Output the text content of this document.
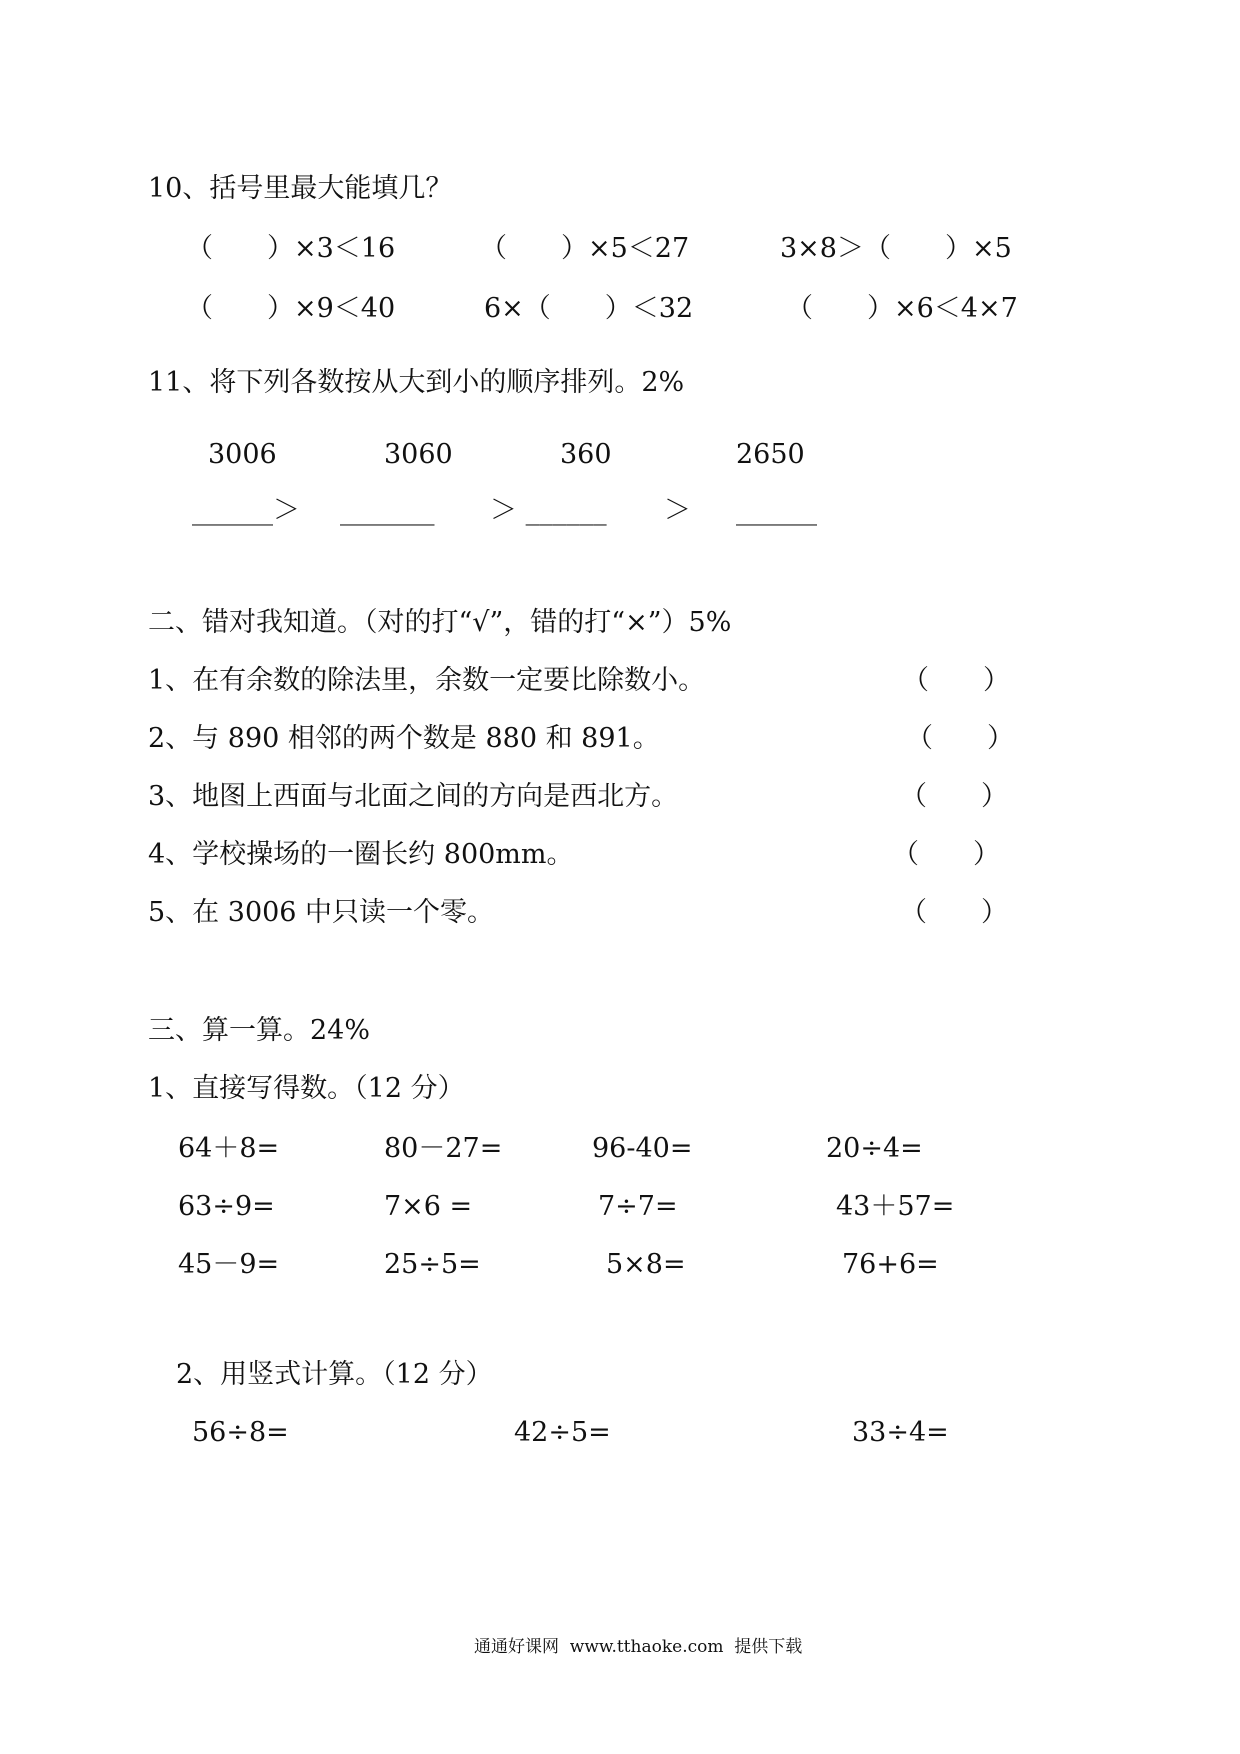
10、括号里最大能填几？
（　　）×3＜16	（　　）×5＜27	3×8＞（　　）×5
（　　）×9＜40	6×（　　）＜32	（　　）×6＜4×7
11、将下列各数按从大到小的顺序排列。2%
3006	3060	360	2650
______＞ _______ ＞ ______ ＞ ______
二、错对我知道。（对的打“√”，错的打“×”）5%
1、在有余数的除法里，余数一定要比除数小。	（　　）
2、与 890 相邻的两个数是 880 和 891。	（　　）
3、地图上西面与北面之间的方向是西北方。	（　　）
4、学校操场的一圈长约 800mm。	（　　）
5、在 3006 中只读一个零。	（　　）
三、算一算。24%
1、直接写得数。（12 分）
64＋8=	80－27=	96-40=	20÷4=
63÷9=	7×6 =	7÷7=	43＋57=
45－9=	25÷5=	5×8=	76+6=
2、用竖式计算。（12 分）
56÷8=	42÷5=	33÷4=
通通好课网  www.tthaoke.com  提供下载
